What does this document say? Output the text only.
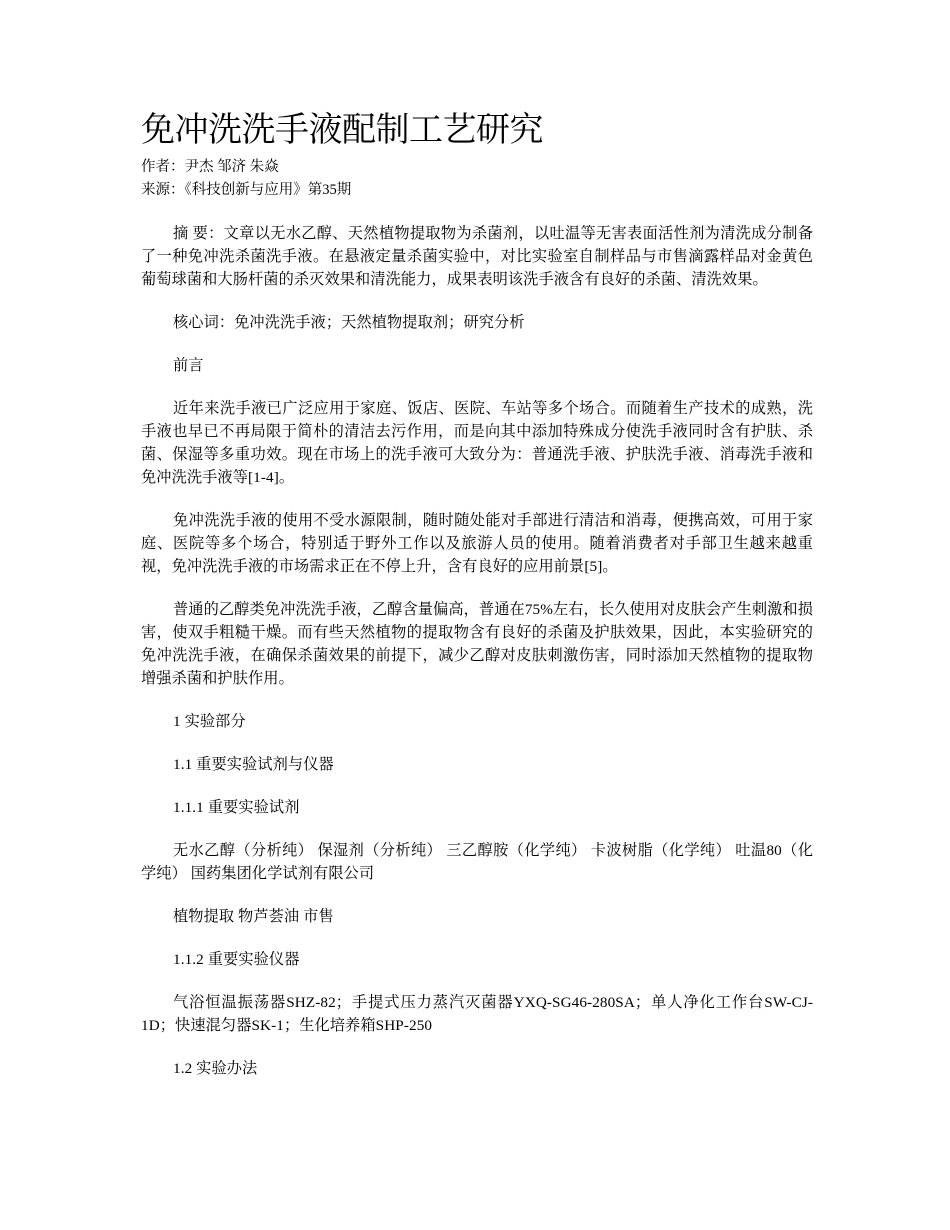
免冲洗洗手液配制工艺研究

作者：尹杰 邹济 朱焱

来源：《科技创新与应用》第35期

摘 要：文章以无水乙醇、天然植物提取物为杀菌剂，以吐温等无害表面活性剂为清洗成分制备了一种免冲洗杀菌洗手液。在悬液定量杀菌实验中，对比实验室自制样品与市售滴露样品对金黄色葡萄球菌和大肠杆菌的杀灭效果和清洗能力，成果表明该洗手液含有良好的杀菌、清洗效果。

核心词：免冲洗洗手液；天然植物提取剂；研究分析

前言

近年来洗手液已广泛应用于家庭、饭店、医院、车站等多个场合。而随着生产技术的成熟，洗手液也早已不再局限于简朴的清洁去污作用，而是向其中添加特殊成分使洗手液同时含有护肤、杀菌、保湿等多重功效。现在市场上的洗手液可大致分为：普通洗手液、护肤洗手液、消毒洗手液和免冲洗洗手液等[1-4]。

免冲洗洗手液的使用不受水源限制，随时随处能对手部进行清洁和消毒，便携高效，可用于家庭、医院等多个场合，特别适于野外工作以及旅游人员的使用。随着消费者对手部卫生越来越重视，免冲洗洗手液的市场需求正在不停上升，含有良好的应用前景[5]。

普通的乙醇类免冲洗洗手液，乙醇含量偏高，普通在75%左右，长久使用对皮肤会产生刺激和损害，使双手粗糙干燥。而有些天然植物的提取物含有良好的杀菌及护肤效果，因此，本实验研究的免冲洗洗手液，在确保杀菌效果的前提下，减少乙醇对皮肤刺激伤害，同时添加天然植物的提取物增强杀菌和护肤作用。

1 实验部分

1.1 重要实验试剂与仪器

1.1.1 重要实验试剂

无水乙醇（分析纯） 保湿剂（分析纯） 三乙醇胺（化学纯） 卡波树脂（化学纯） 吐温80（化学纯） 国药集团化学试剂有限公司

植物提取 物芦荟油 市售

1.1.2 重要实验仪器

气浴恒温振荡器SHZ-82；手提式压力蒸汽灭菌器YXQ-SG46-280SA；单人净化工作台SW-CJ-1D；快速混匀器SK-1；生化培养箱SHP-250

1.2 实验办法
